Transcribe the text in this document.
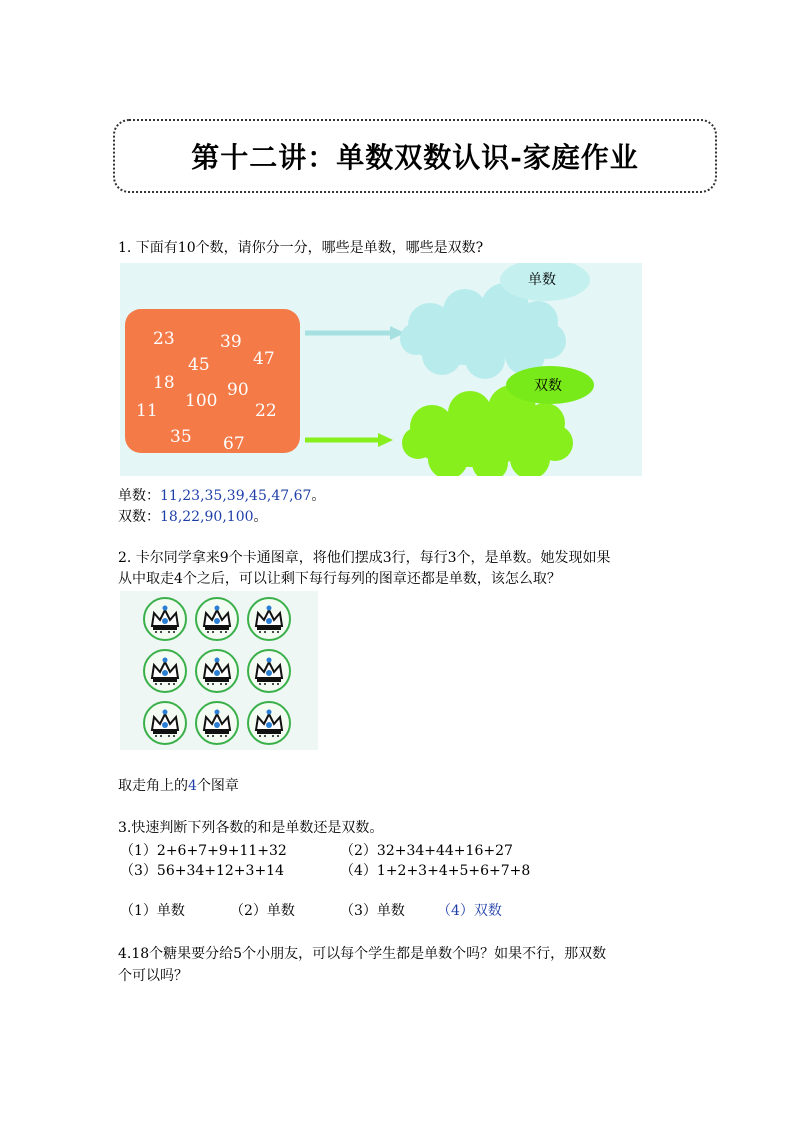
第十二讲：单数双数认识-家庭作业
1. 下面有10个数，请你分一分，哪些是单数，哪些是双数?
23	39
45	47
18
100
90
11	22
35 67
单数
双数
单数：11,23,35,39,45,47,67。
双数：18,22,90,100。
2. 卡尔同学拿来9个卡通图章，将他们摆成3行，每行3个，是单数。她发现如果
从中取走4个之后，可以让剩下每行每列的图章还都是单数，该怎么取？
取走角上的4个图章
3.快速判断下列各数的和是单数还是双数。
（1）2+6+7+9+11+32	（2）32+34+44+16+27
（3）56+34+12+3+14	（4）1+2+3+4+5+6+7+8
（1）单数	（2）单数	（3）单数 （4）双数
4.18个糖果要分给5个小朋友，可以每个学生都是单数个吗？如果不行，那双数
个可以吗？
